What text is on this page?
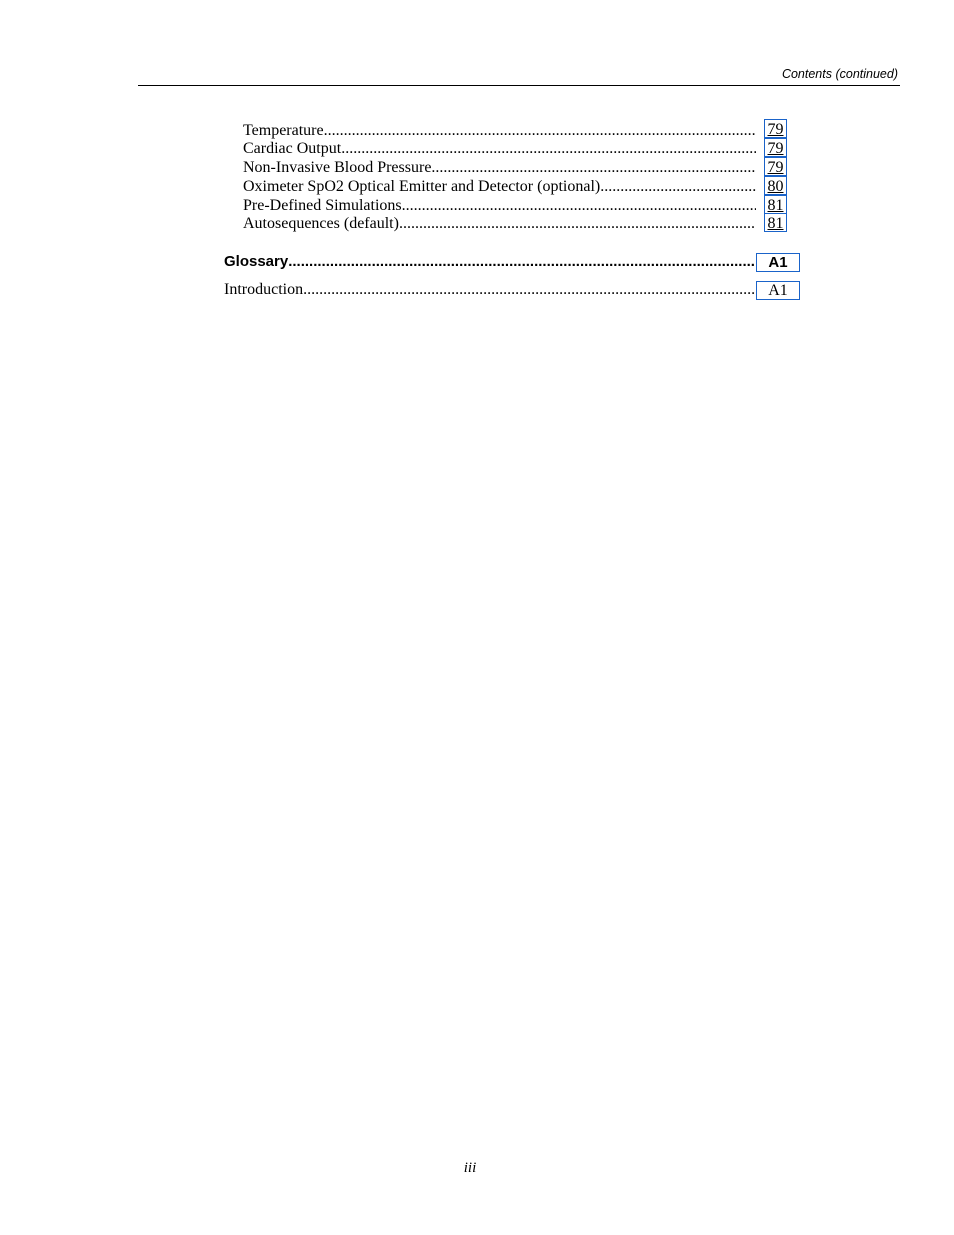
Contents (continued)
Temperature .....	79
Cardiac Output .....	79
Non-Invasive Blood Pressure .....	79
Oximeter SpO2 Optical Emitter and Detector (optional) .....	80
Pre-Defined Simulations .....	81
Autosequences (default) .....	81
Glossary .....	A1
Introduction .....	A1
iii
